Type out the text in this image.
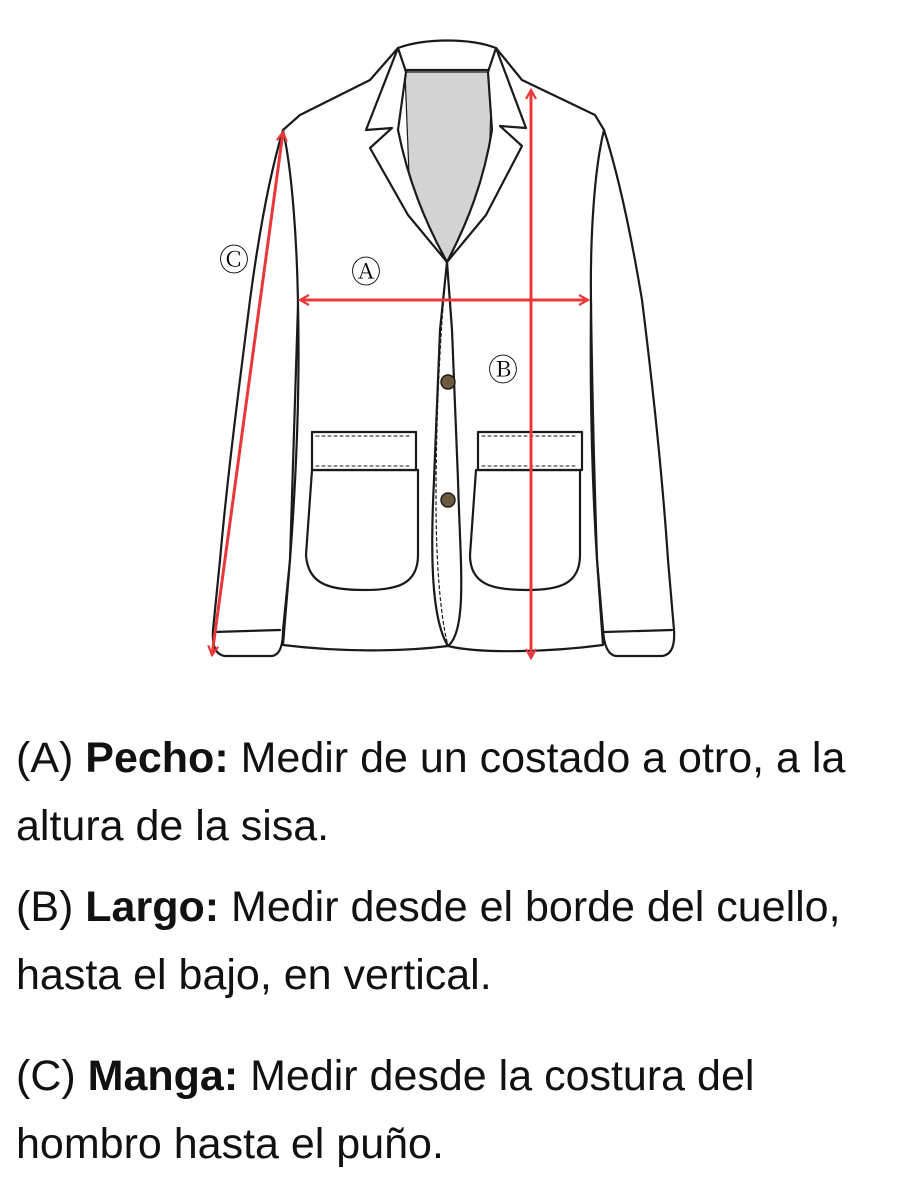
Ⓐ
Ⓑ
Ⓒ
(A) Pecho: Medir de un costado a otro, a la altura de la sisa.
(B) Largo: Medir desde el borde del cuello, hasta el bajo, en vertical.
(C) Manga: Medir desde la costura del hombro hasta el puño.
